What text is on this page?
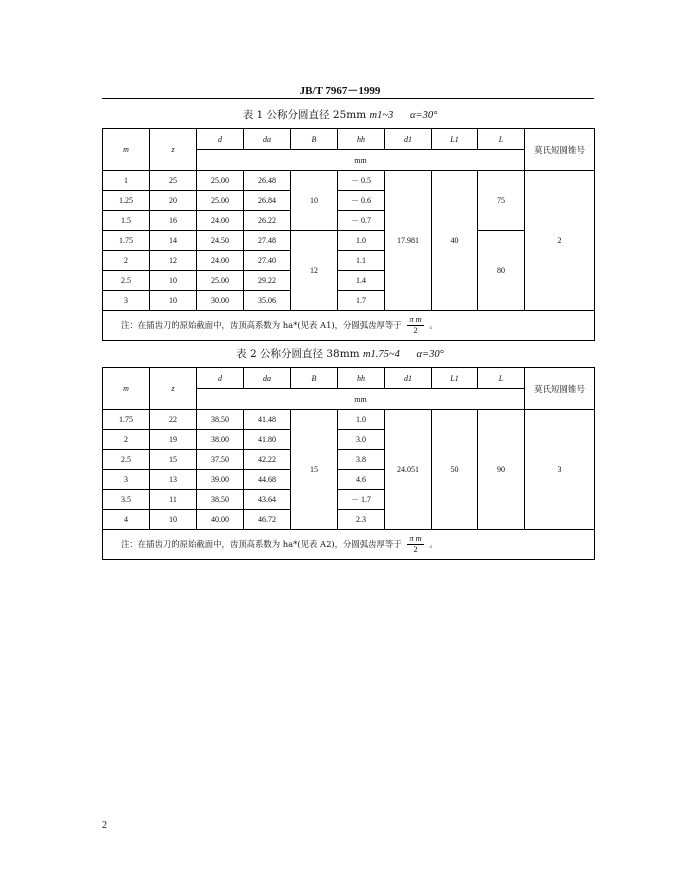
JB/T 7967－1999
表 1 公称分圆直径 25mm m1~3 α=30°
m	z	d	da	B	hh	d1	L1	L	莫氏短圆锥号
		mm							
1	25	25.00	26.48	10	－ 0.5	17.981	40	75	2
1.25	20	25.00	26.84		－ 0.6				
1.5	16	24.00	26.22		－ 0.7				
1.75	14	24.50	27.48	12	1.0			80	
2	12	24.00	27.40		1.1				
2.5	10	25.00	29.22		1.4				
3	10	30.00	35.06		1.7				
注：在插齿刀的原始截面中，齿顶高系数为 ha*(见表 A1)，分圆弧齿厚等于 $\frac{\text{π m}}{2}$ 。									
表 2 公称分圆直径 38mm m1.75~4 α=30°
m	z	d	da	B	hh	d1	L1	L	莫氏短圆锥号
		mm							
1.75	22	38.50	41.48	15	1.0	24.051	50	90	3
2	19	38.00	41.80		3.0				
2.5	15	37.50	42.22		3.8				
3	13	39.00	44.68		4.6				
3.5	11	38.50	43.64		－ 1.7				
4	10	40.00	46.72		2.3				
注：在插齿刀的原始截面中，齿顶高系数为 ha*(见表 A2)，分圆弧齿厚等于 $\frac{\text{π m}}{2}$ 。									
2
